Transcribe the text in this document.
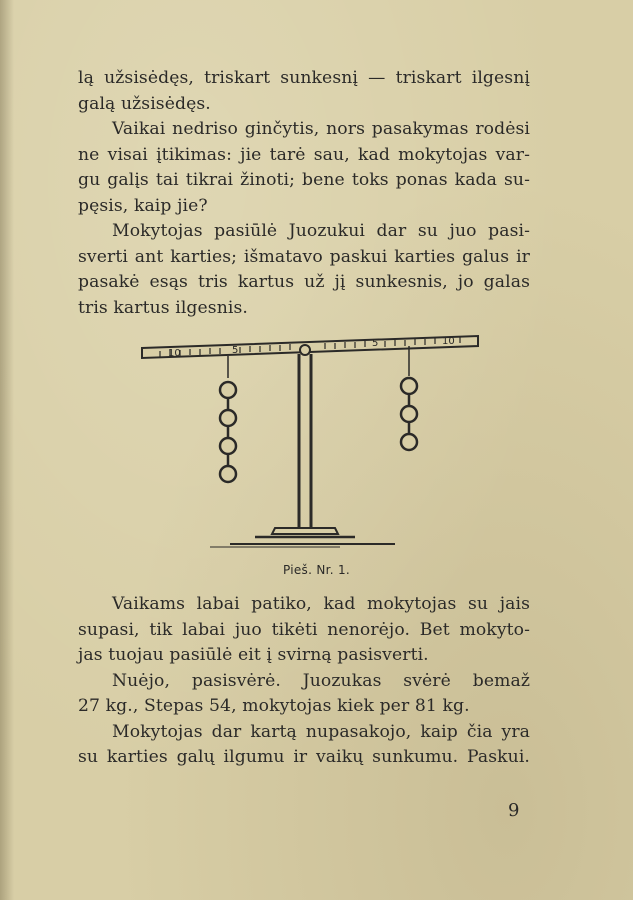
lą užsisėdęs, triskart sunkesnį — triskart ilgesnį
galą užsisėdęs.
Vaikai nedriso ginčytis, nors pasakymas rodėsi
ne visai įtikimas: jie tarė sau, kad mokytojas var-
gu galįs tai tikrai žinoti; bene toks ponas kada su-
pęsis, kaip jie?
Mokytojas pasiūlė Juozukui dar su juo pasi-
sverti ant karties; išmatavo paskui karties galus ir
pasakė esąs tris kartus už jį sunkesnis, jo galas
tris kartus ilgesnis.
10	5
5	10
Pieš. Nr. 1.
Vaikams labai patiko, kad mokytojas su jais
supasi, tik labai juo tikėti nenorėjo. Bet mokyto-
jas tuojau pasiūlė eit į svirną pasisverti.
Nuėjo, pasisvėrė. Juozukas svėrė bemaž
27 kg., Stepas 54, mokytojas kiek per 81 kg.
Mokytojas dar kartą nupasakojo, kaip čia yra
su karties galų ilgumu ir vaikų sunkumu. Paskui.
9
